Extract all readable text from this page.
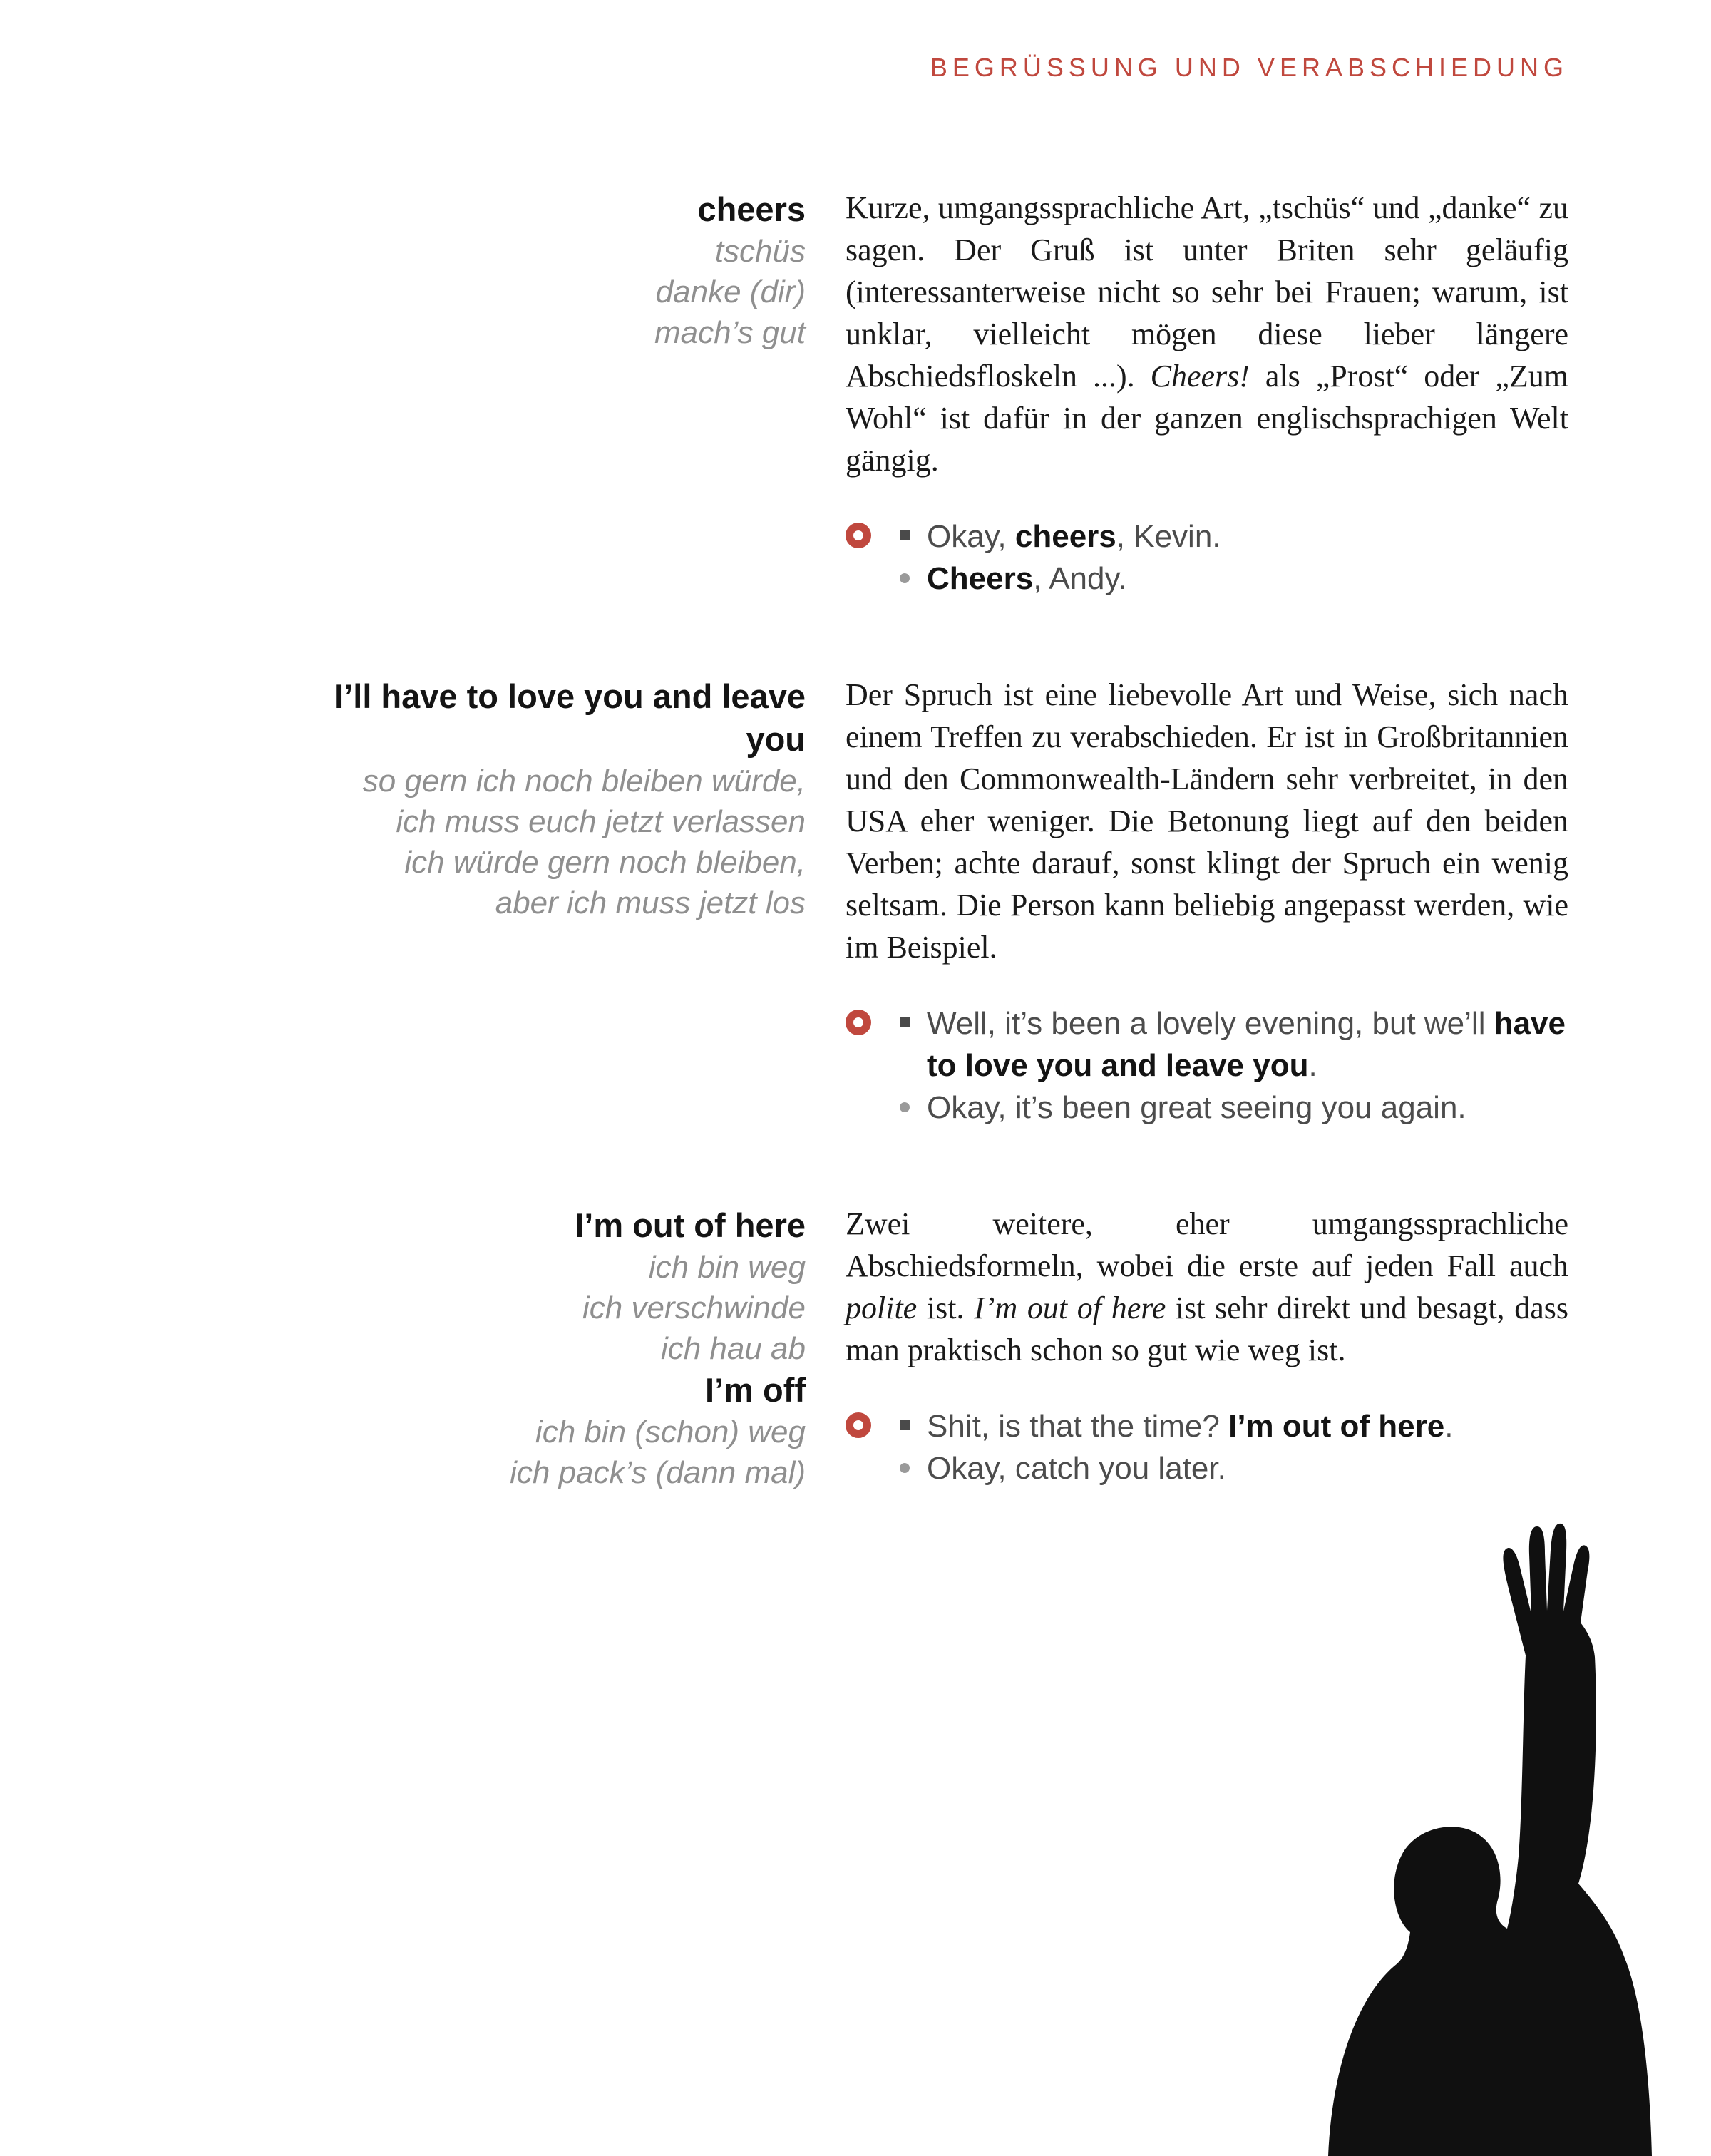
BEGRÜSSUNG UND VERABSCHIEDUNG
cheers
tschüs
danke (dir)
mach’s gut

Kurze, umgangssprachliche Art, „tschüs“ und „danke“ zu sagen. Der Gruß ist unter Briten sehr geläufig (interessanterweise nicht so sehr bei Frauen; warum, ist unklar, vielleicht mögen diese lieber längere Abschiedsfloskeln ...). Cheers! als „Prost“ oder „Zum Wohl“ ist dafür in der ganzen englischsprachigen Welt gängig.

Okay, cheers, Kevin.
Cheers, Andy.
I’ll have to love you and leave you
so gern ich noch bleiben würde,
ich muss euch jetzt verlassen
ich würde gern noch bleiben,
aber ich muss jetzt los

Der Spruch ist eine liebevolle Art und Weise, sich nach einem Treffen zu verabschieden. Er ist in Großbritannien und den Commonwealth-Ländern sehr verbreitet, in den USA eher weniger. Die Betonung liegt auf den beiden Verben; achte darauf, sonst klingt der Spruch ein wenig seltsam. Die Person kann beliebig angepasst werden, wie im Beispiel.

Well, it’s been a lovely evening, but we’ll have to love you and leave you.
Okay, it’s been great seeing you again.
I’m out of here
ich bin weg
ich verschwinde
ich hau ab
I’m off
ich bin (schon) weg
ich pack’s (dann mal)

Zwei weitere, eher umgangssprachliche Abschiedsformeln, wobei die erste auf jeden Fall auch polite ist. I’m out of here ist sehr direkt und besagt, dass man praktisch schon so gut wie weg ist.

Shit, is that the time? I’m out of here.
Okay, catch you later.
